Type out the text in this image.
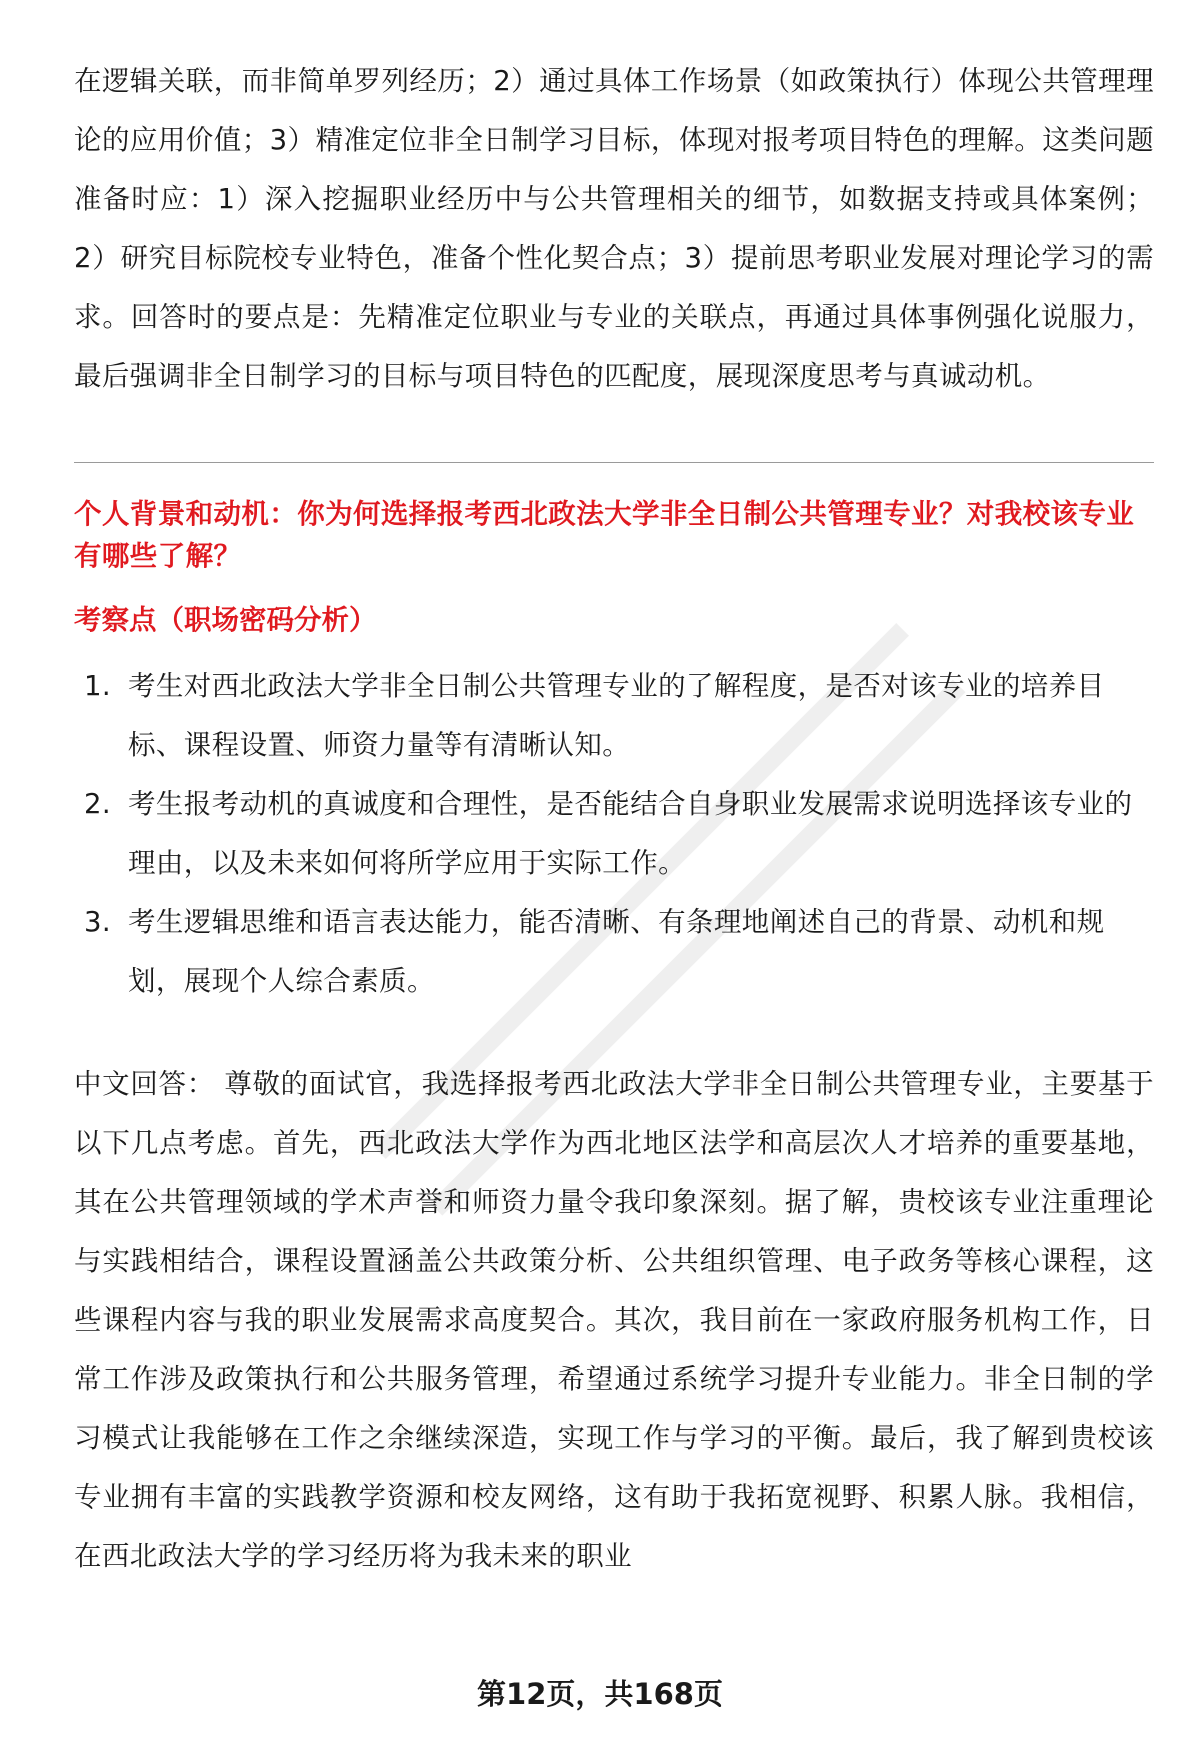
在逻辑关联，而非简单罗列经历；2）通过具体工作场景（如政策执行）体现公共管理理论的应用价值；3）精准定位非全日制学习目标，体现对报考项目特色的理解。这类问题准备时应：1）深入挖掘职业经历中与公共管理相关的细节，如数据支持或具体案例；2）研究目标院校专业特色，准备个性化契合点；3）提前思考职业发展对理论学习的需求。回答时的要点是：先精准定位职业与专业的关联点，再通过具体事例强化说服力，最后强调非全日制学习的目标与项目特色的匹配度，展现深度思考与真诚动机。

个人背景和动机：你为何选择报考西北政法大学非全日制公共管理专业？对我校该专业有哪些了解？

考察点（职场密码分析）

1. 考生对西北政法大学非全日制公共管理专业的了解程度，是否对该专业的培养目标、课程设置、师资力量等有清晰认知。
2. 考生报考动机的真诚度和合理性，是否能结合自身职业发展需求说明选择该专业的理由，以及未来如何将所学应用于实际工作。
3. 考生逻辑思维和语言表达能力，能否清晰、有条理地阐述自己的背景、动机和规划，展现个人综合素质。

中文回答： 尊敬的面试官，我选择报考西北政法大学非全日制公共管理专业，主要基于以下几点考虑。首先，西北政法大学作为西北地区法学和高层次人才培养的重要基地，其在公共管理领域的学术声誉和师资力量令我印象深刻。据了解，贵校该专业注重理论与实践相结合，课程设置涵盖公共政策分析、公共组织管理、电子政务等核心课程，这些课程内容与我的职业发展需求高度契合。其次，我目前在一家政府服务机构工作，日常工作涉及政策执行和公共服务管理，希望通过系统学习提升专业能力。非全日制的学习模式让我能够在工作之余继续深造，实现工作与学习的平衡。最后，我了解到贵校该专业拥有丰富的实践教学资源和校友网络，这有助于我拓宽视野、积累人脉。我相信，在西北政法大学的学习经历将为我未来的职业

第12页，共168页
